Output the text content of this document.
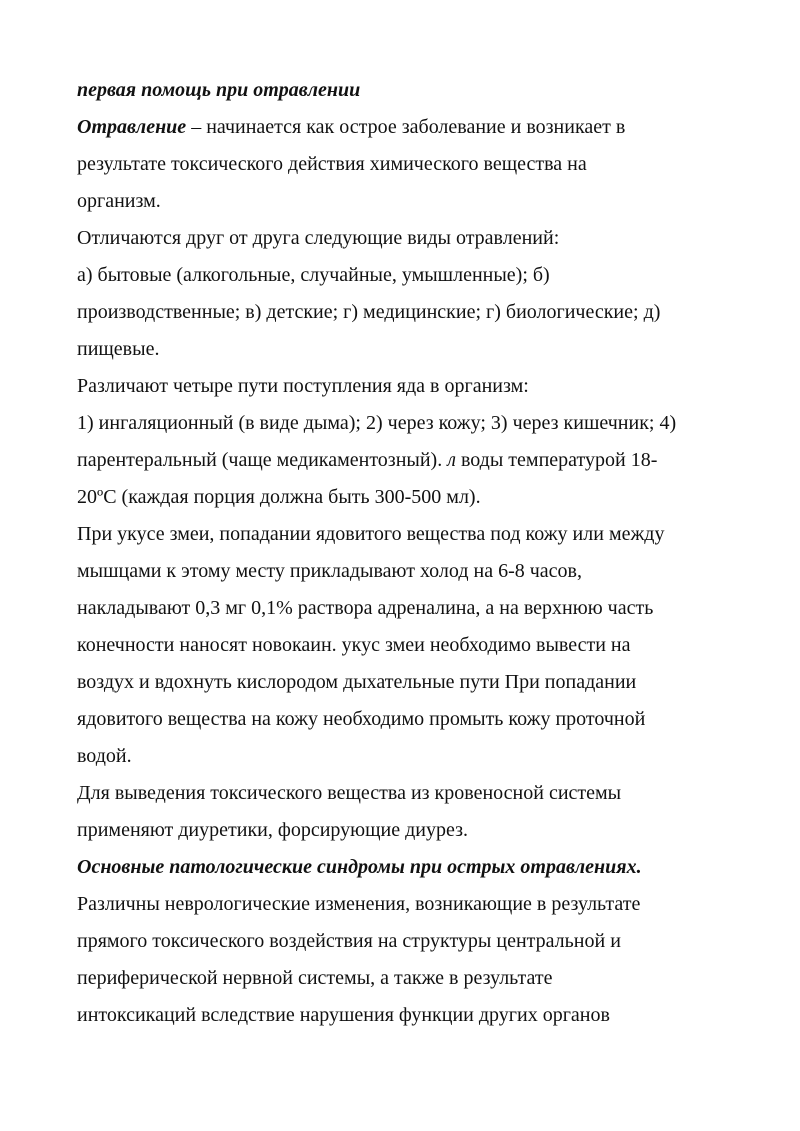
первая помощь при отравлении
Отравление – начинается как острое заболевание и возникает в
результате токсического действия химического вещества на
организм.
Отличаются друг от друга следующие виды отравлений:
а) бытовые (алкогольные, случайные, умышленные); б)
производственные; в) детские; г) медицинские; г) биологические; д)
пищевые.
Различают четыре пути поступления яда в организм:
1) ингаляционный (в виде дыма); 2) через кожу; 3) через кишечник; 4)
парентеральный (чаще медикаментозный). л воды температурой 18-
20ºС (каждая порция должна быть 300-500 мл).
При укусе змеи, попадании ядовитого вещества под кожу или между
мышцами к этому месту прикладывают холод на 6-8 часов,
накладывают 0,3 мг 0,1% раствора адреналина, а на верхнюю часть
конечности наносят новокаин. укус змеи необходимо вывести на
воздух и вдохнуть кислородом дыхательные пути При попадании
ядовитого вещества на кожу необходимо промыть кожу проточной
водой.
Для выведения токсического вещества из кровеносной системы
применяют диуретики, форсирующие диурез.
Основные патологические синдромы при острых отравлениях.
Различны неврологические изменения, возникающие в результате
прямого токсического воздействия на структуры центральной и
периферической нервной системы, а также в результате
интоксикаций вследствие нарушения функции других органов
